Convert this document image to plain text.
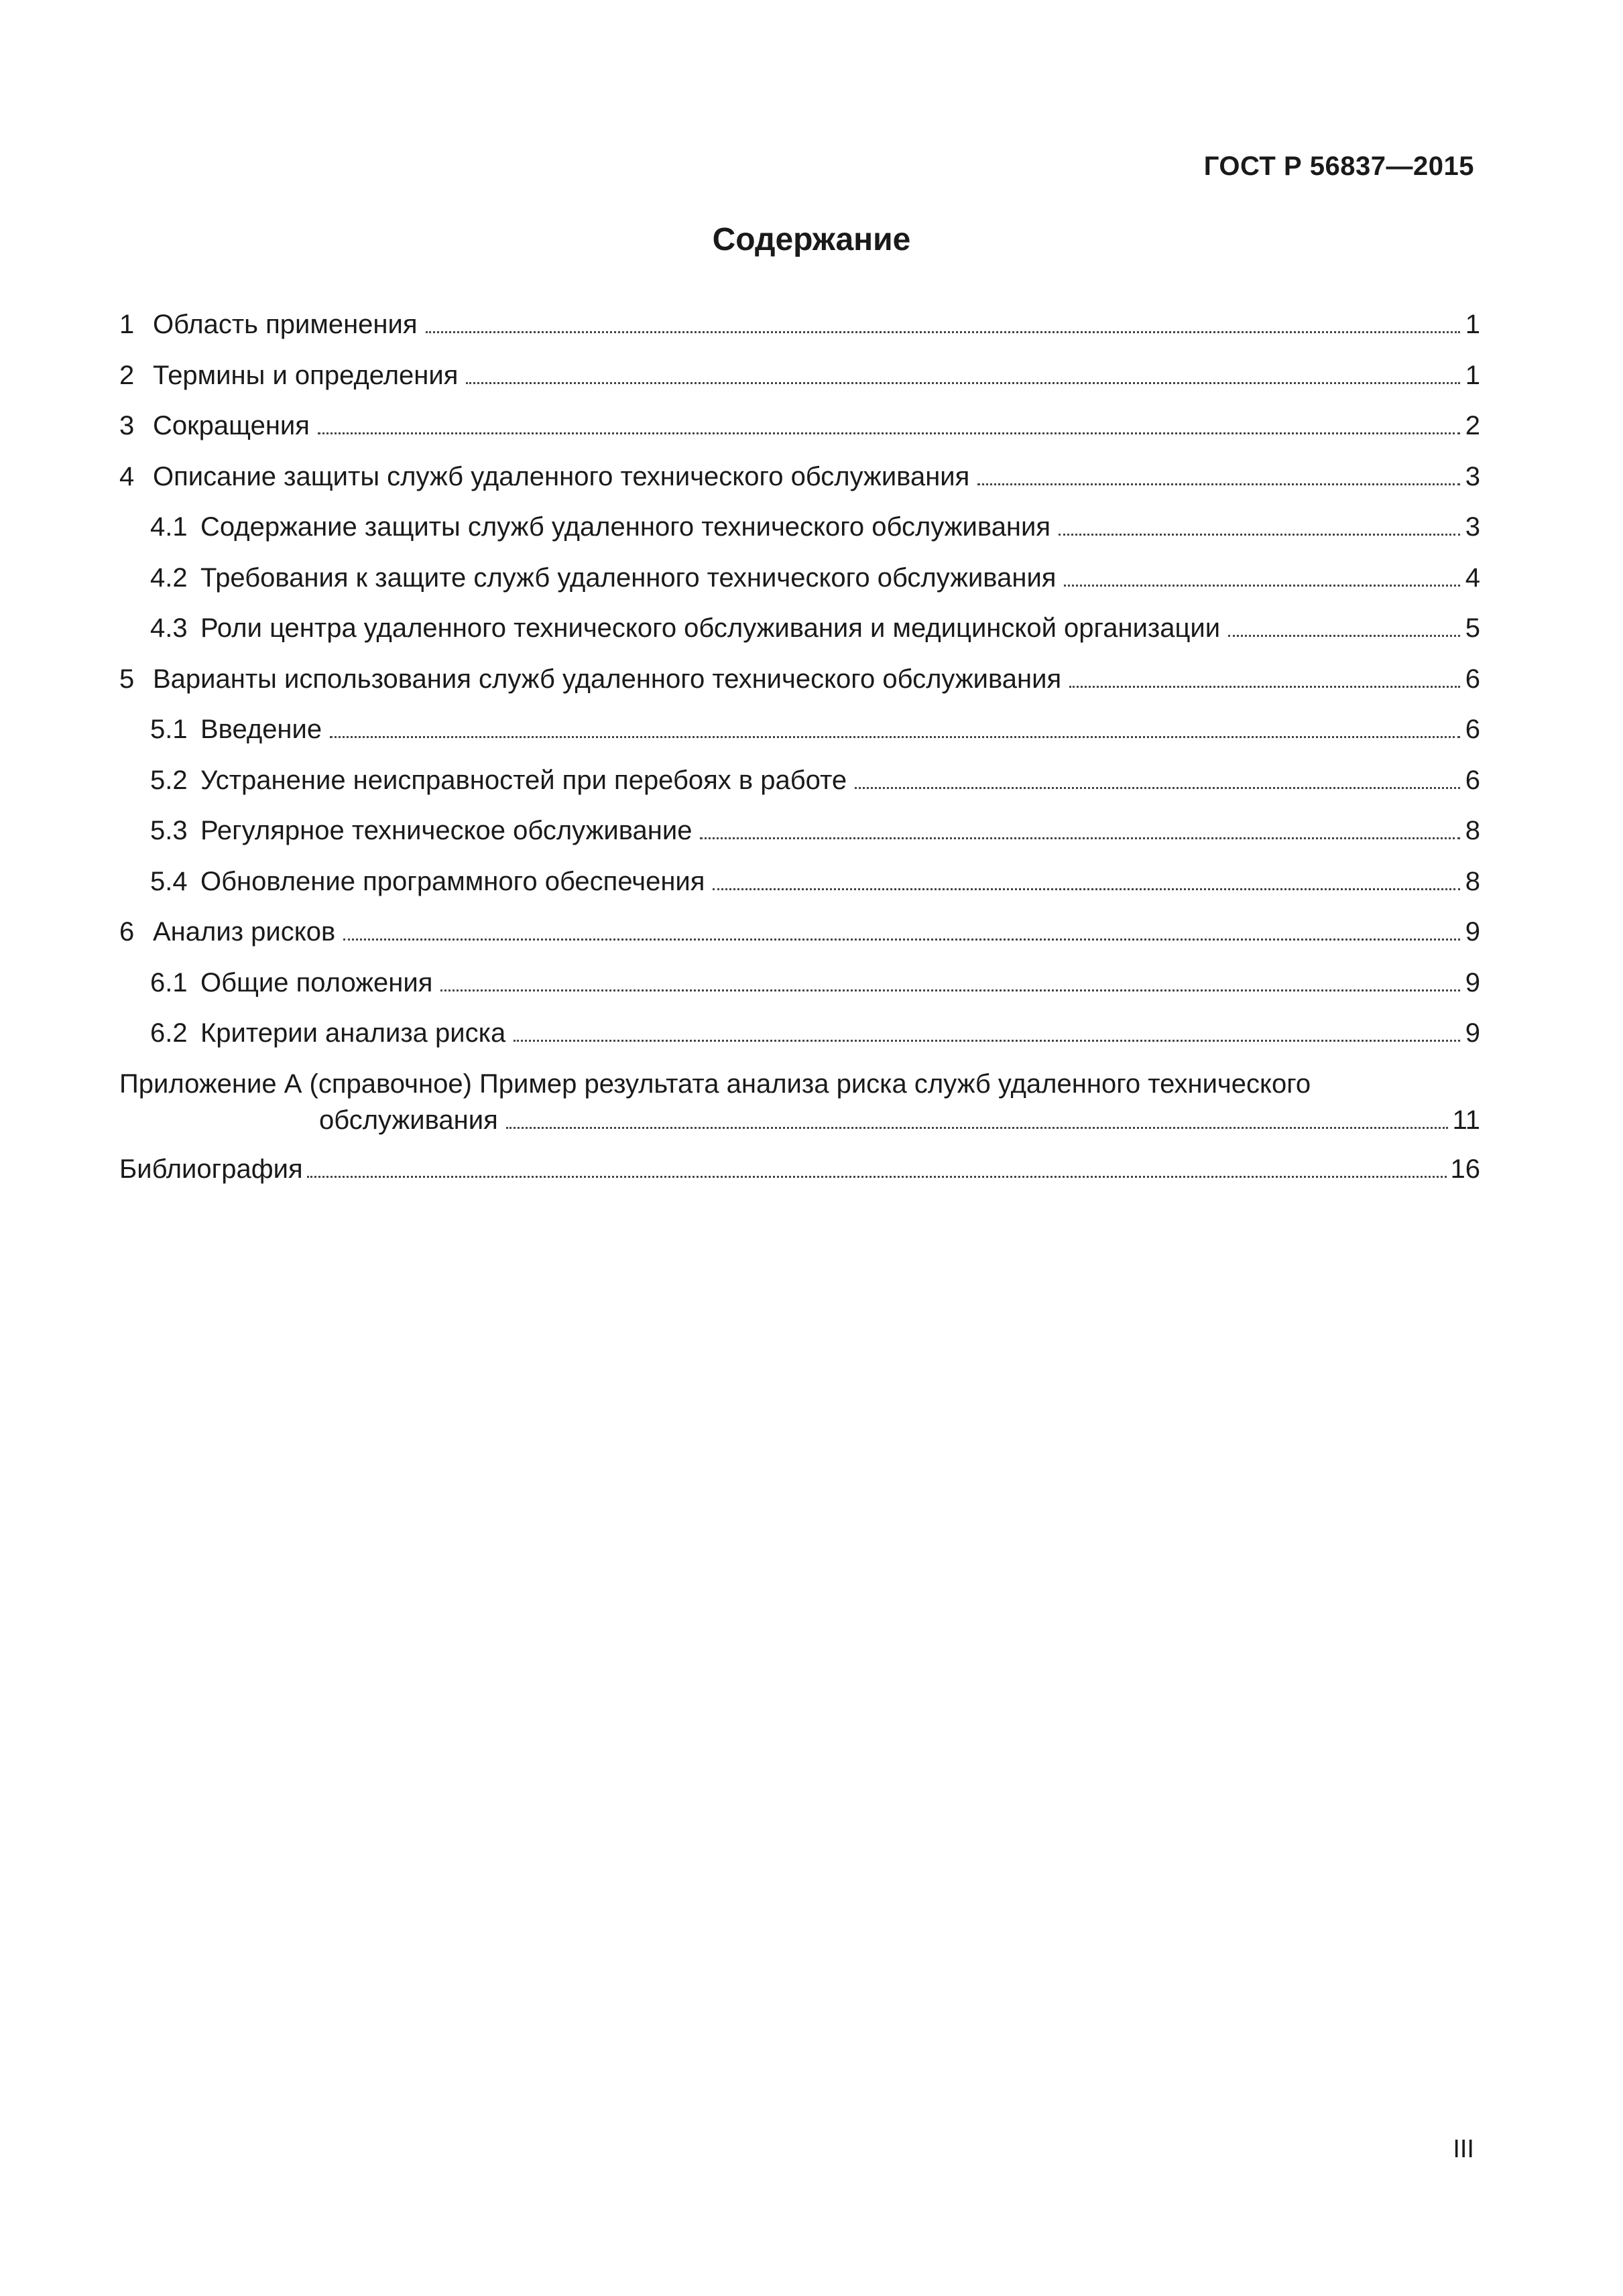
ГОСТ Р 56837—2015
Содержание
1 Область применения	1
2 Термины и определения	1
3 Сокращения	2
4 Описание защиты служб удаленного технического обслуживания	3
4.1 Содержание защиты служб удаленного технического обслуживания	3
4.2 Требования к защите служб удаленного технического обслуживания	4
4.3 Роли центра удаленного технического обслуживания и медицинской организации	5
5 Варианты использования служб удаленного технического обслуживания	6
5.1 Введение	6
5.2 Устранение неисправностей при перебоях в работе	6
5.3 Регулярное техническое обслуживание	8
5.4 Обновление программного обеспечения	8
6 Анализ рисков	9
6.1 Общие положения	9
6.2 Критерии анализа риска	9
Приложение А (справочное) Пример результата анализа риска служб удаленного технического
обслуживания	11
Библиография	16
III
